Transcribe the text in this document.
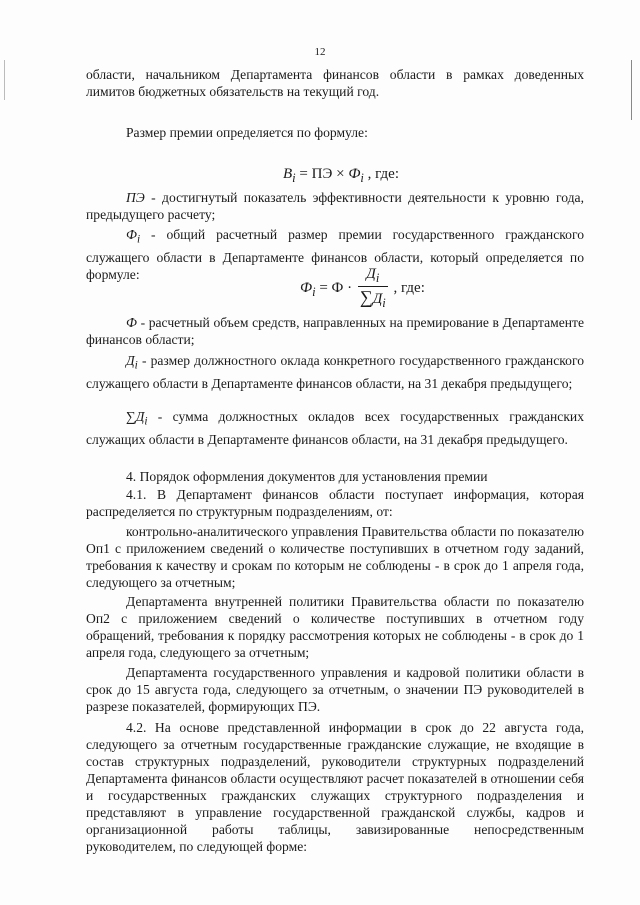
12
области, начальником Департамента финансов области в рамках доведенных лимитов бюджетных обязательств на текущий год.
Размер премии определяется по формуле:
$В_i$ = ПЭ × $Ф_i$ , где:
ПЭ - достигнутый показатель эффективности деятельности к уровню года, предыдущего расчету;
$Ф_i$ - общий расчетный размер премии государственного гражданского служащего области в Департаменте финансов области, который определяется по формуле:
$Ф_i = Ф \cdot \frac{Д_i}{\sum Д_i}$ , где:
Ф - расчетный объем средств, направленных на премирование в Департаменте финансов области;
$Д_i$ - размер должностного оклада конкретного государственного гражданского служащего области в Департаменте финансов области, на 31 декабря предыдущего;
$\sum Д_i$ - сумма должностных окладов всех государственных гражданских служащих области в Департаменте финансов области, на 31 декабря предыдущего.
4. Порядок оформления документов для установления премии
4.1. В Департамент финансов области поступает информация, которая распределяется по структурным подразделениям, от:
контрольно-аналитического управления Правительства области по показателю Оп1 с приложением сведений о количестве поступивших в отчетном году заданий, требования к качеству и срокам по которым не соблюдены - в срок до 1 апреля года, следующего за отчетным;
Департамента внутренней политики Правительства области по показателю Оп2 с приложением сведений о количестве поступивших в отчетном году обращений, требования к порядку рассмотрения которых не соблюдены - в срок до 1 апреля года, следующего за отчетным;
Департамента государственного управления и кадровой политики области в срок до 15 августа года, следующего за отчетным, о значении ПЭ руководителей в разрезе показателей, формирующих ПЭ.
4.2. На основе представленной информации в срок до 22 августа года, следующего за отчетным государственные гражданские служащие, не входящие в состав структурных подразделений, руководители структурных подразделений Департамента финансов области осуществляют расчет показателей в отношении себя и государственных гражданских служащих структурного подразделения и представляют в управление государственной гражданской службы, кадров и организационной работы таблицы, завизированные непосредственным руководителем, по следующей форме:
